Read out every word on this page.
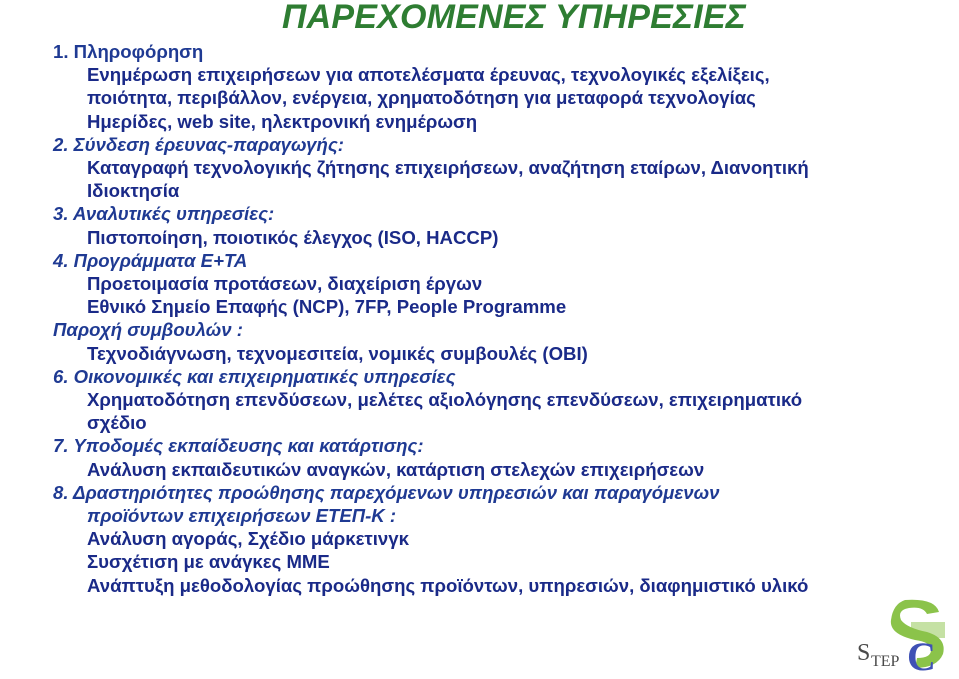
ΠΑΡΕΧΟΜΕΝΕΣ ΥΠΗΡΕΣΙΕΣ
1. Πληροφόρηση
Ενημέρωση επιχειρήσεων για αποτελέσματα έρευνας, τεχνολογικές εξελίξεις,
ποιότητα, περιβάλλον, ενέργεια, χρηματοδότηση για μεταφορά τεχνολογίας
Ημερίδες, web site, ηλεκτρονική ενημέρωση
2. Σύνδεση έρευνας-παραγωγής:
Καταγραφή τεχνολογικής ζήτησης επιχειρήσεων, αναζήτηση εταίρων, Διανοητική
Ιδιοκτησία
3. Αναλυτικές υπηρεσίες:
Πιστοποίηση, ποιοτικός έλεγχος (ISO, HACCP)
4. Προγράμματα Ε+ΤΑ
Προετοιμασία προτάσεων, διαχείριση έργων
Εθνικό Σημείο Επαφής (NCP), 7FP, People Programme
Παροχή συμβουλών :
Τεχνοδιάγνωση, τεχνομεσιτεία, νομικές συμβουλές (OBI)
6. Οικονομικές και επιχειρηματικές υπηρεσίες
Χρηματοδότηση επενδύσεων, μελέτες αξιολόγησης επενδύσεων, επιχειρηματικό
σχέδιο
7. Υποδομές εκπαίδευσης και κατάρτισης:
Ανάλυση εκπαιδευτικών αναγκών, κατάρτιση στελεχών επιχειρήσεων
8. Δραστηριότητες προώθησης παρεχόμενων υπηρεσιών και παραγόμενων
προϊόντων επιχειρήσεων ΕΤΕΠ-Κ :
Ανάλυση αγοράς, Σχέδιο μάρκετινγκ
Συσχέτιση με ανάγκες ΜΜΕ
Ανάπτυξη μεθοδολογίας προώθησης προϊόντων, υπηρεσιών, διαφημιστικό υλικό
S TEP C
